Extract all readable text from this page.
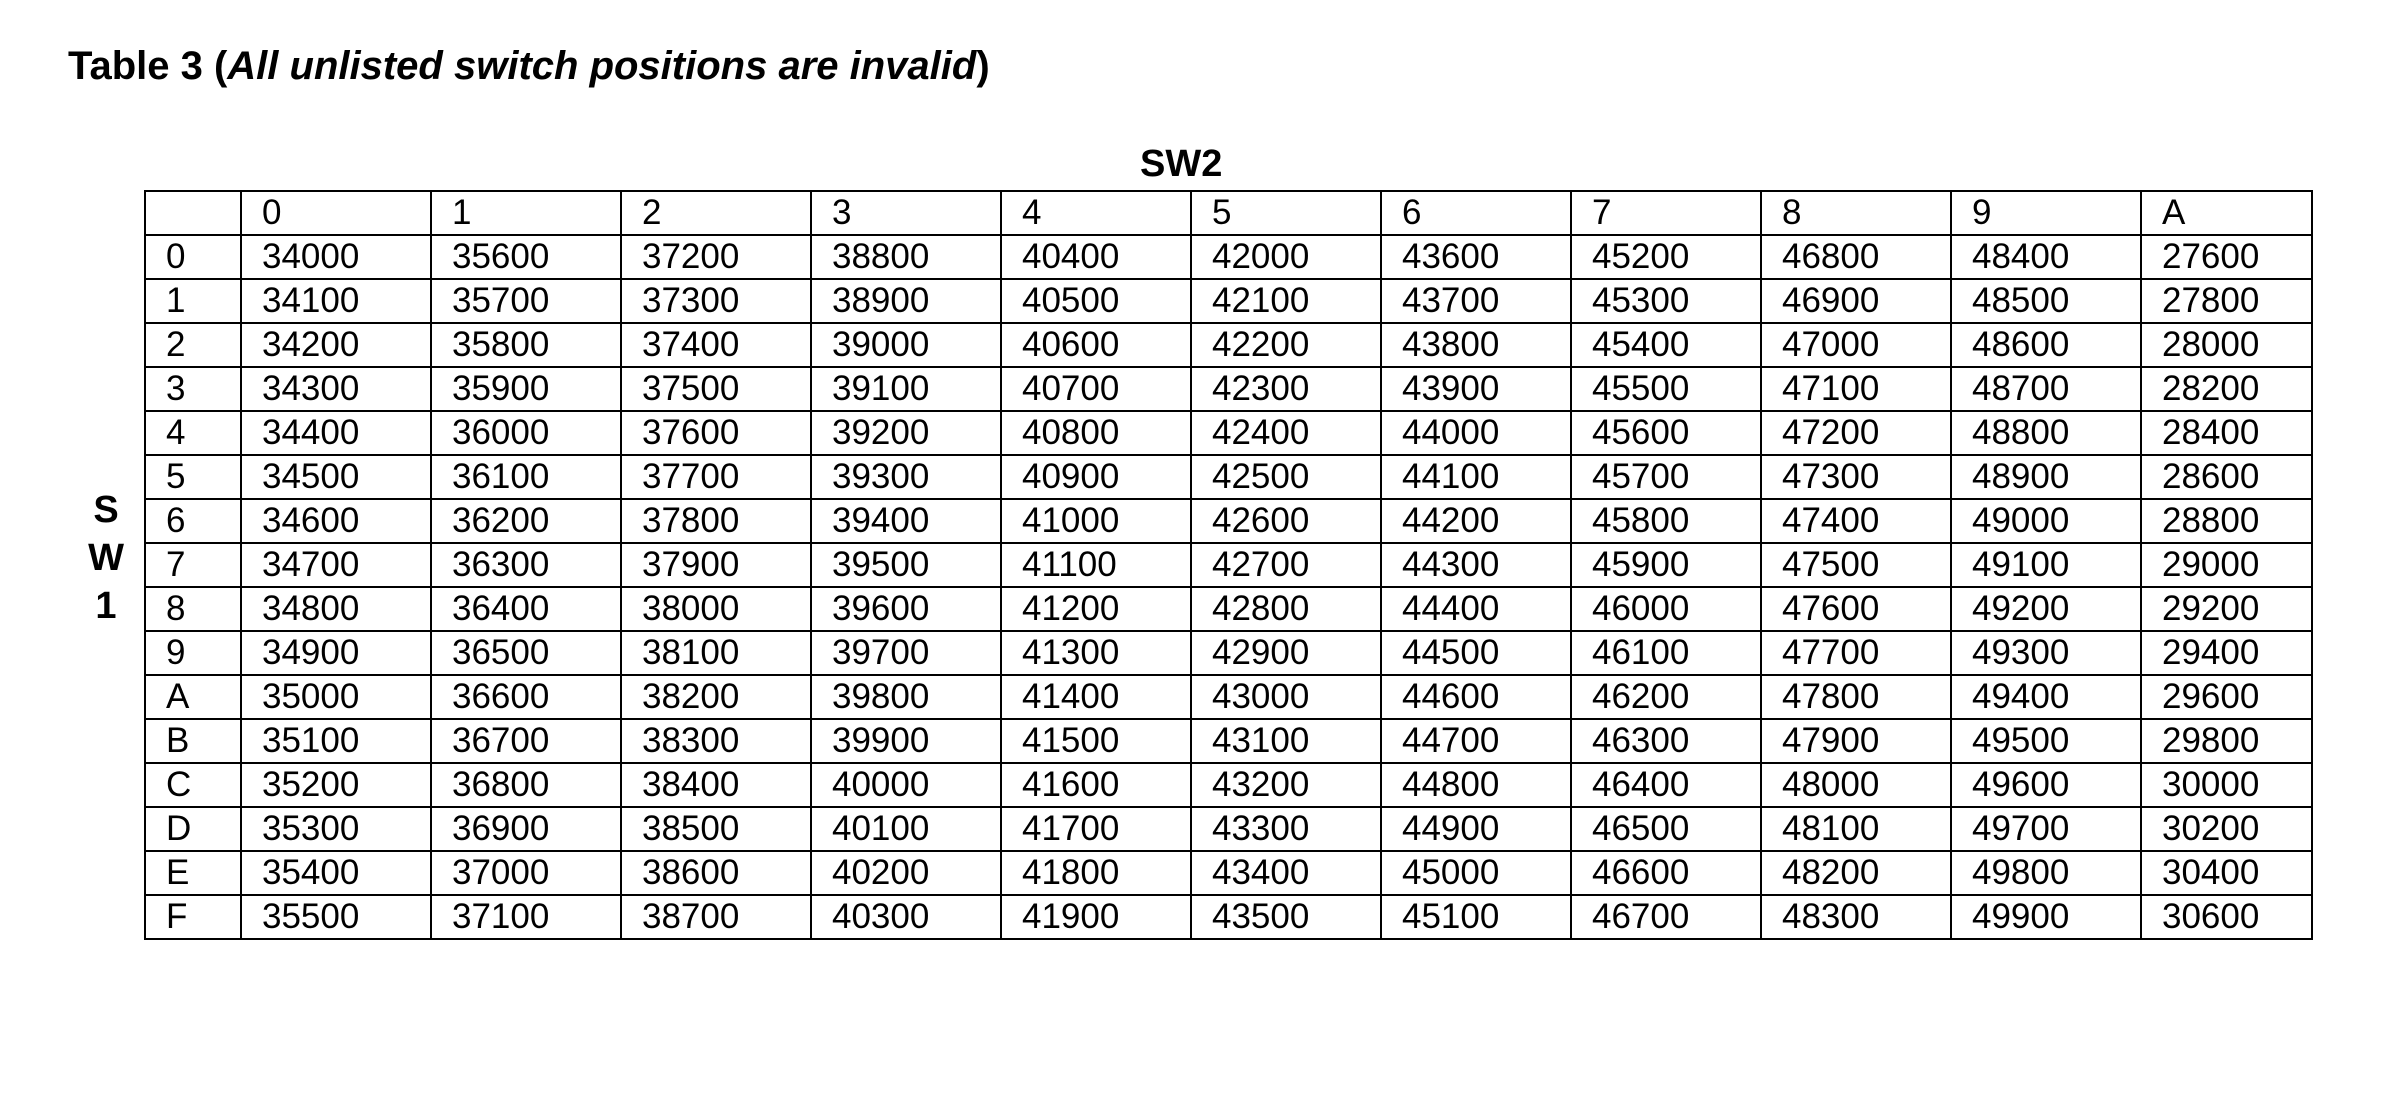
Table 3 (All unlisted switch positions are invalid)
SW2
S
W
1
	0	1	2	3	4	5	6	7	8	9	A
0	34000	35600	37200	38800	40400	42000	43600	45200	46800	48400	27600
1	34100	35700	37300	38900	40500	42100	43700	45300	46900	48500	27800
2	34200	35800	37400	39000	40600	42200	43800	45400	47000	48600	28000
3	34300	35900	37500	39100	40700	42300	43900	45500	47100	48700	28200
4	34400	36000	37600	39200	40800	42400	44000	45600	47200	48800	28400
5	34500	36100	37700	39300	40900	42500	44100	45700	47300	48900	28600
6	34600	36200	37800	39400	41000	42600	44200	45800	47400	49000	28800
7	34700	36300	37900	39500	41100	42700	44300	45900	47500	49100	29000
8	34800	36400	38000	39600	41200	42800	44400	46000	47600	49200	29200
9	34900	36500	38100	39700	41300	42900	44500	46100	47700	49300	29400
A	35000	36600	38200	39800	41400	43000	44600	46200	47800	49400	29600
B	35100	36700	38300	39900	41500	43100	44700	46300	47900	49500	29800
C	35200	36800	38400	40000	41600	43200	44800	46400	48000	49600	30000
D	35300	36900	38500	40100	41700	43300	44900	46500	48100	49700	30200
E	35400	37000	38600	40200	41800	43400	45000	46600	48200	49800	30400
F	35500	37100	38700	40300	41900	43500	45100	46700	48300	49900	30600
